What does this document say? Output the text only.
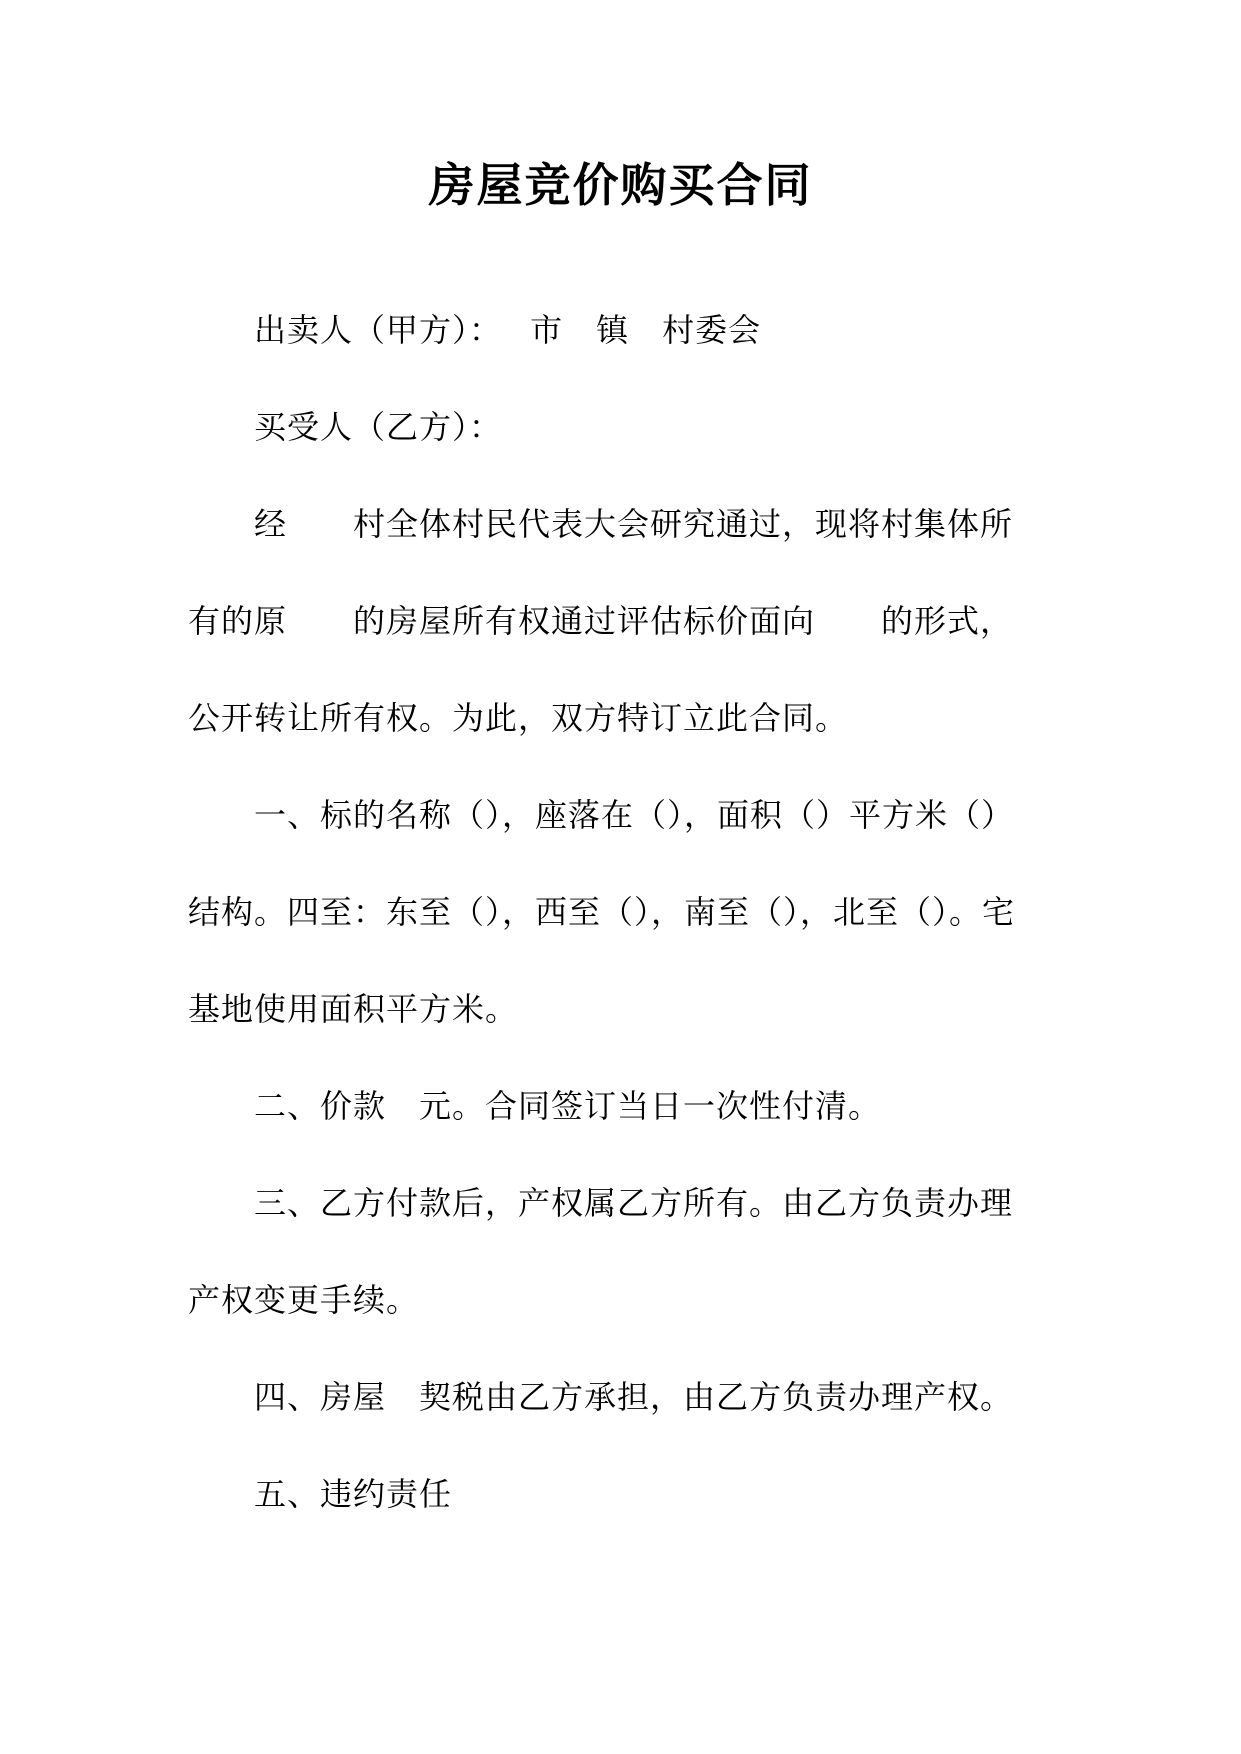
房屋竞价购买合同
出卖人（甲方）：　 市　镇　村委会
买受人（乙方）：
经　　村全体村民代表大会研究通过，现将村集体所
有的原　　的房屋所有权通过评估标价面向　　的形式，
公开转让所有权。为此，双方特订立此合同。
一、标的名称（），座落在（），面积（）平方米（）
结构。四至：东至（），西至（），南至（），北至（）。宅
基地使用面积平方米。
二、价款　元。合同签订当日一次性付清。
三、乙方付款后，产权属乙方所有。由乙方负责办理
产权变更手续。
四、房屋　契税由乙方承担，由乙方负责办理产权。
五、违约责任
